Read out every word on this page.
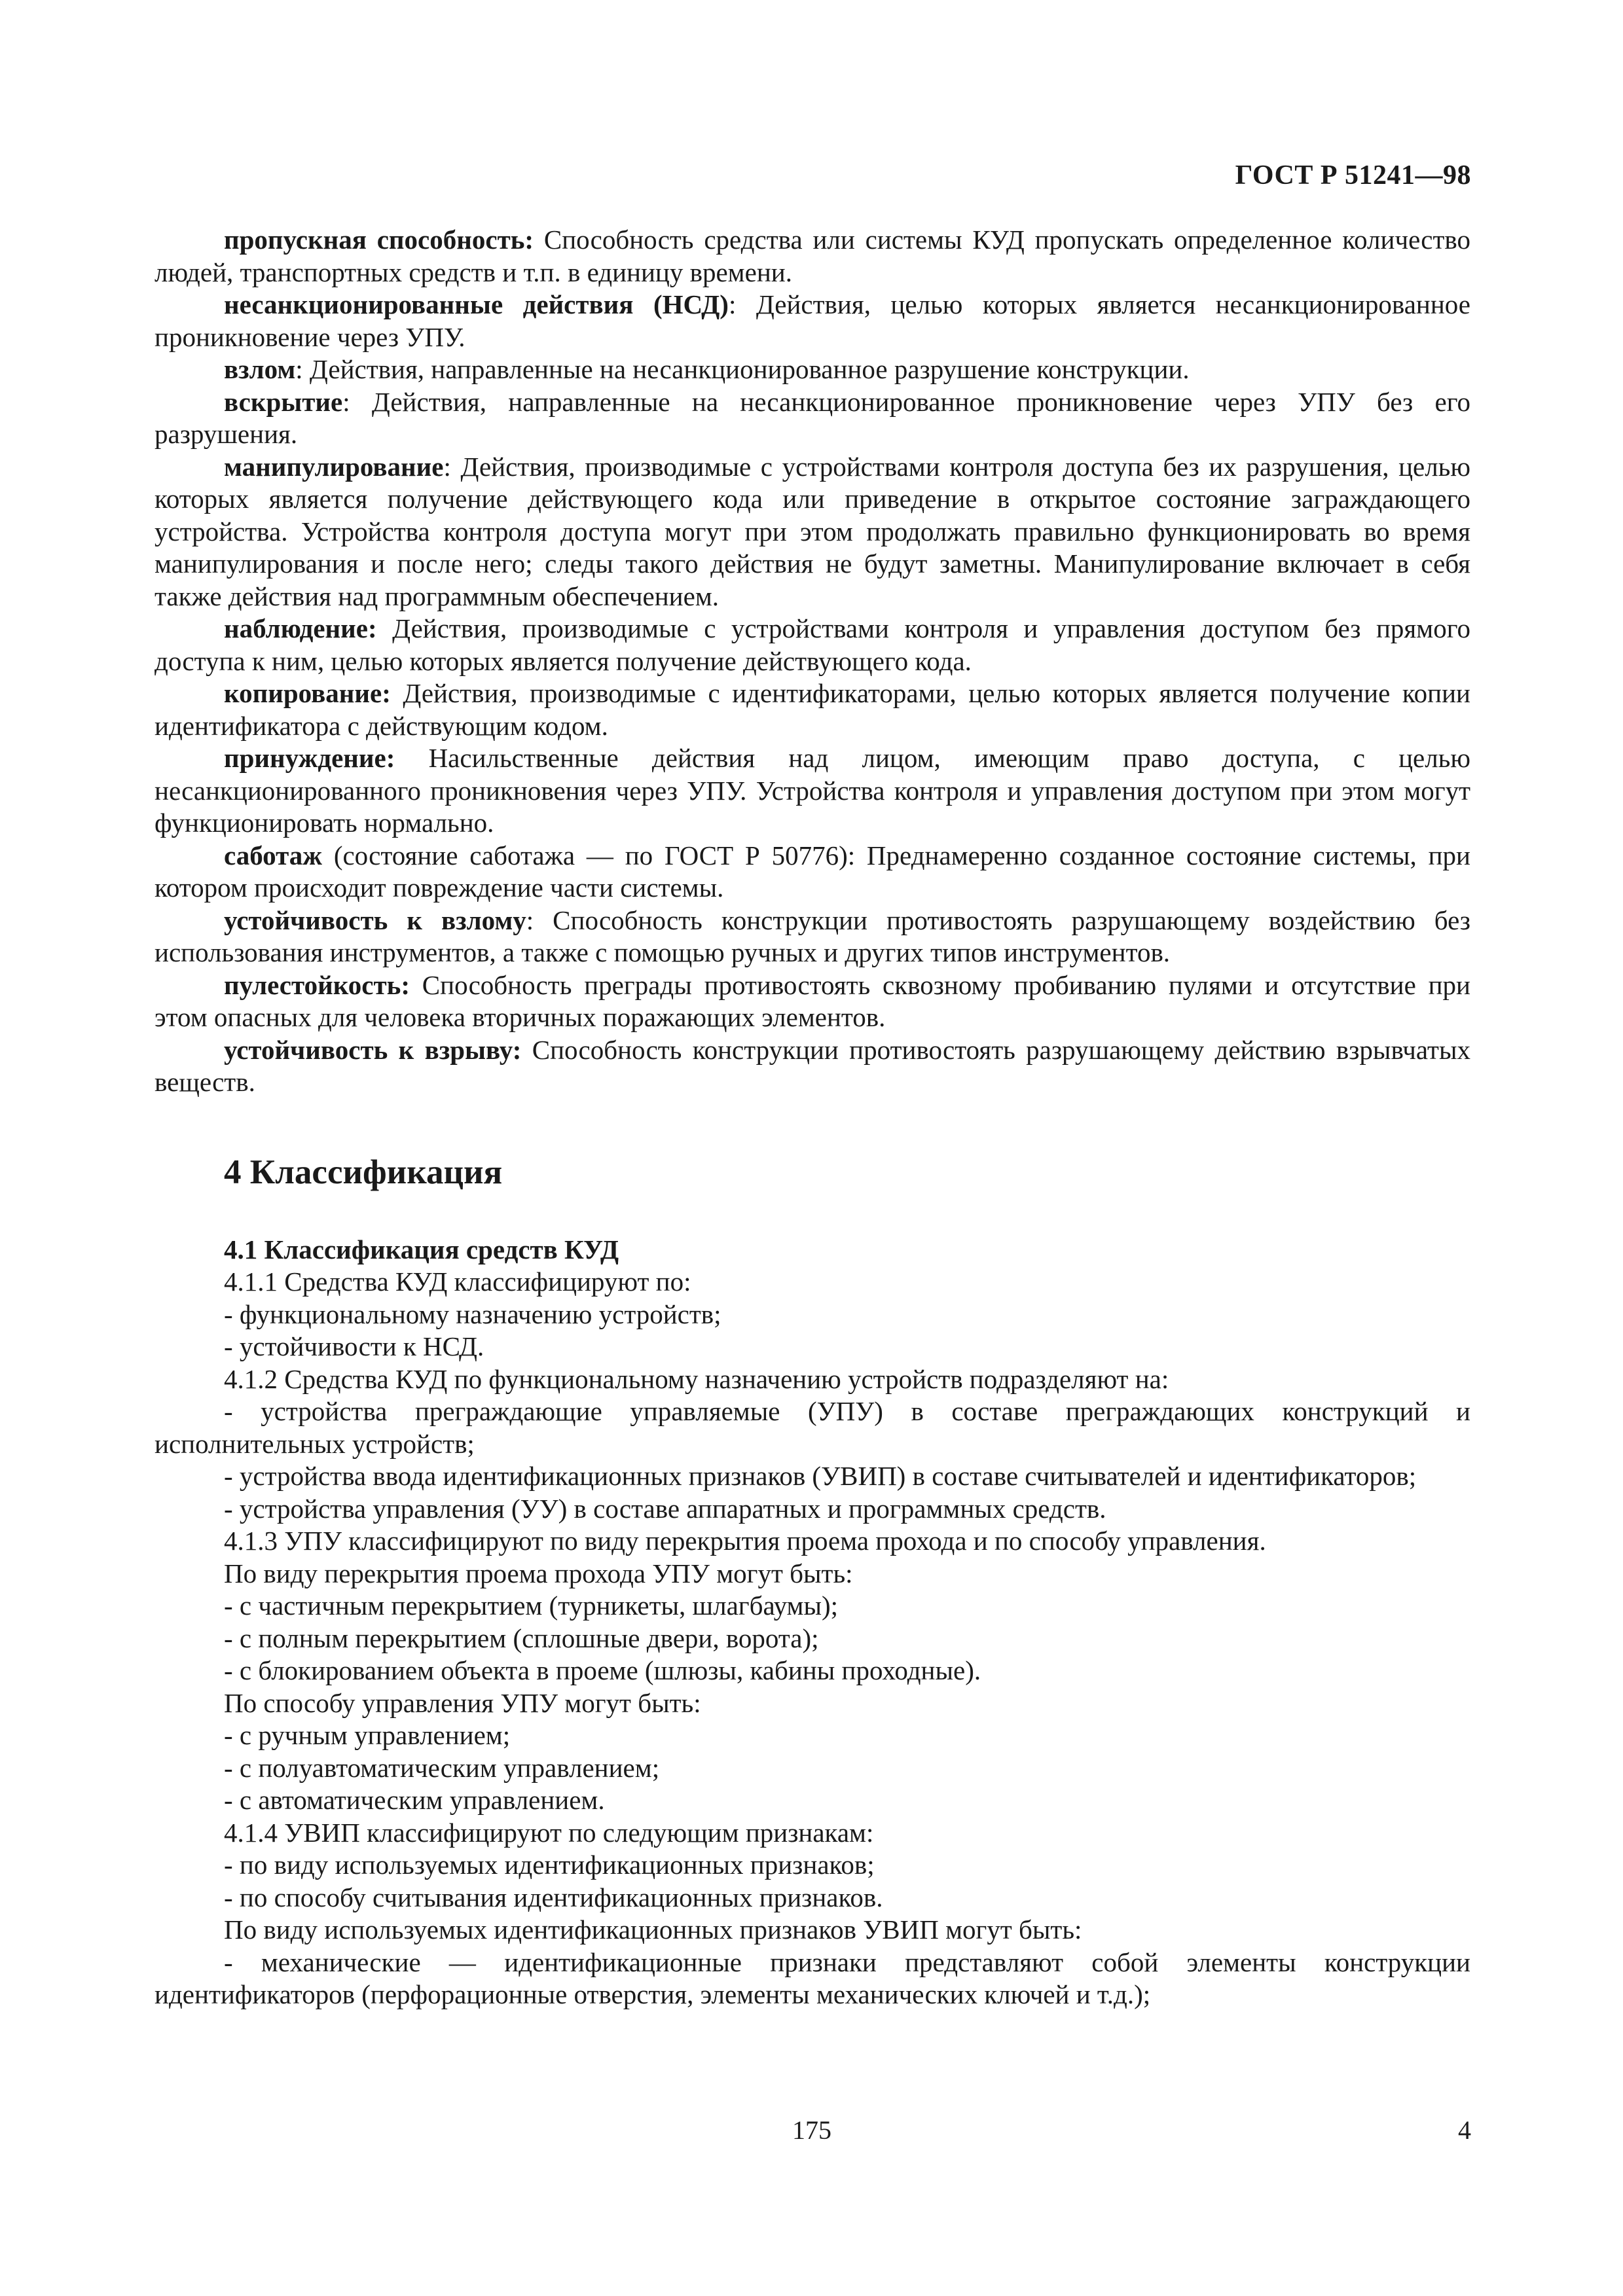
ГОСТ Р 51241—98

пропускная способность: Способность средства или системы КУД пропускать определенное количество людей, транспортных средств и т.п. в единицу времени.

несанкционированные действия (НСД): Действия, целью которых является несанкционированное проникновение через УПУ.

взлом: Действия, направленные на несанкционированное разрушение конструкции.

вскрытие: Действия, направленные на несанкционированное проникновение через УПУ без его разрушения.

манипулирование: Действия, производимые с устройствами контроля доступа без их разрушения, целью которых является получение действующего кода или приведение в открытое состояние заграждающего устройства. Устройства контроля доступа могут при этом продолжать правильно функционировать во время манипулирования и после него; следы такого действия не будут заметны. Манипулирование включает в себя также действия над программным обеспечением.

наблюдение: Действия, производимые с устройствами контроля и управления доступом без прямого доступа к ним, целью которых является получение действующего кода.

копирование: Действия, производимые с идентификаторами, целью которых является получение копии идентификатора с действующим кодом.

принуждение: Насильственные действия над лицом, имеющим право доступа, с целью несанкционированного проникновения через УПУ. Устройства контроля и управления доступом при этом могут функционировать нормально.

саботаж (состояние саботажа — по ГОСТ Р 50776): Преднамеренно созданное состояние системы, при котором происходит повреждение части системы.

устойчивость к взлому: Способность конструкции противостоять разрушающему воздействию без использования инструментов, а также с помощью ручных и других типов инструментов.

пулестойкость: Способность преграды противостоять сквозному пробиванию пулями и отсутствие при этом опасных для человека вторичных поражающих элементов.

устойчивость к взрыву: Способность конструкции противостоять разрушающему действию взрывчатых веществ.

4 Классификация

4.1 Классификация средств КУД

4.1.1 Средства КУД классифицируют по:

- функциональному назначению устройств;

- устойчивости к НСД.

4.1.2 Средства КУД по функциональному назначению устройств подразделяют на:

- устройства преграждающие управляемые (УПУ) в составе преграждающих конструкций и исполнительных устройств;

- устройства ввода идентификационных признаков (УВИП) в составе считывателей и идентификаторов;

- устройства управления (УУ) в составе аппаратных и программных средств.

4.1.3 УПУ классифицируют по виду перекрытия проема прохода и по способу управления.

По виду перекрытия проема прохода УПУ могут быть:

- с частичным перекрытием (турникеты, шлагбаумы);

- с полным перекрытием (сплошные двери, ворота);

- с блокированием объекта в проеме (шлюзы, кабины проходные).

По способу управления УПУ могут быть:

- с ручным управлением;

- с полуавтоматическим управлением;

- с автоматическим управлением.

4.1.4 УВИП классифицируют по следующим признакам:

- по виду используемых идентификационных признаков;

- по способу считывания идентификационных признаков.

По виду используемых идентификационных признаков УВИП могут быть:

- механические — идентификационные признаки представляют собой элементы конструкции идентификаторов (перфорационные отверстия, элементы механических ключей и т.д.);

175	4
